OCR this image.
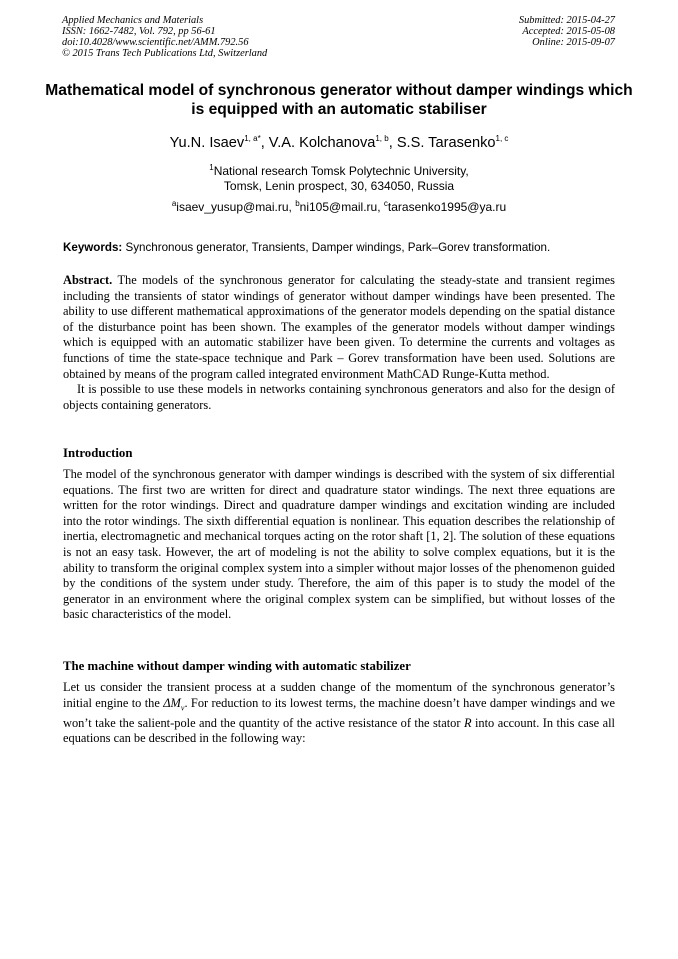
Applied Mechanics and Materials
ISSN: 1662-7482, Vol. 792, pp 56-61
doi:10.4028/www.scientific.net/AMM.792.56
© 2015 Trans Tech Publications Ltd, Switzerland
Submitted: 2015-04-27
Accepted: 2015-05-08
Online: 2015-09-07
Mathematical model of synchronous generator without damper windings which is equipped with an automatic stabiliser
Yu.N. Isaev$^{1, a*}$, V.A. Kolchanova$^{1, b}$, S.S. Tarasenko$^{1, c}$
$^1$National research Tomsk Polytechnic University,
Tomsk, Lenin prospect, 30, 634050, Russia
$^a$isaev_yusup@mai.ru, $^b$ni105@mail.ru, $^c$tarasenko1995@ya.ru
Keywords: Synchronous generator, Transients, Damper windings, Park–Gorev transformation.

Abstract. The models of the synchronous generator for calculating the steady-state and transient regimes including the transients of stator windings of generator without damper windings have been presented. The ability to use different mathematical approximations of the generator models depending on the spatial distance of the disturbance point has been shown. The examples of the generator models without damper windings which is equipped with an automatic stabilizer have been given. To determine the currents and voltages as functions of time the state-space technique and Park – Gorev transformation have been used. Solutions are obtained by means of the program called integrated environment MathCAD Runge-Kutta method.

It is possible to use these models in networks containing synchronous generators and also for the design of objects containing generators.

Introduction

The model of the synchronous generator with damper windings is described with the system of six differential equations. The first two are written for direct and quadrature stator windings. The next three equations are written for the rotor windings. Direct and quadrature damper windings and excitation winding are included into the rotor windings. The sixth differential equation is nonlinear. This equation describes the relationship of inertia, electromagnetic and mechanical torques acting on the rotor shaft [1, 2]. The solution of these equations is not an easy task. However, the art of modeling is not the ability to solve complex equations, but it is the ability to transform the original complex system into a simpler without major losses of the phenomenon guided by the conditions of the system under study. Therefore, the aim of this paper is to study the model of the generator in an environment where the original complex system can be simplified, but without losses of the basic characteristics of the model.

The machine without damper winding with automatic stabilizer

Let us consider the transient process at a sudden change of the momentum of the synchronous generator’s initial engine to the $\Delta M_v$. For reduction to its lowest terms, the machine doesn’t have damper windings and we won’t take the salient-pole and the quantity of the active resistance of the stator R into account. In this case all equations can be described in the following way:
